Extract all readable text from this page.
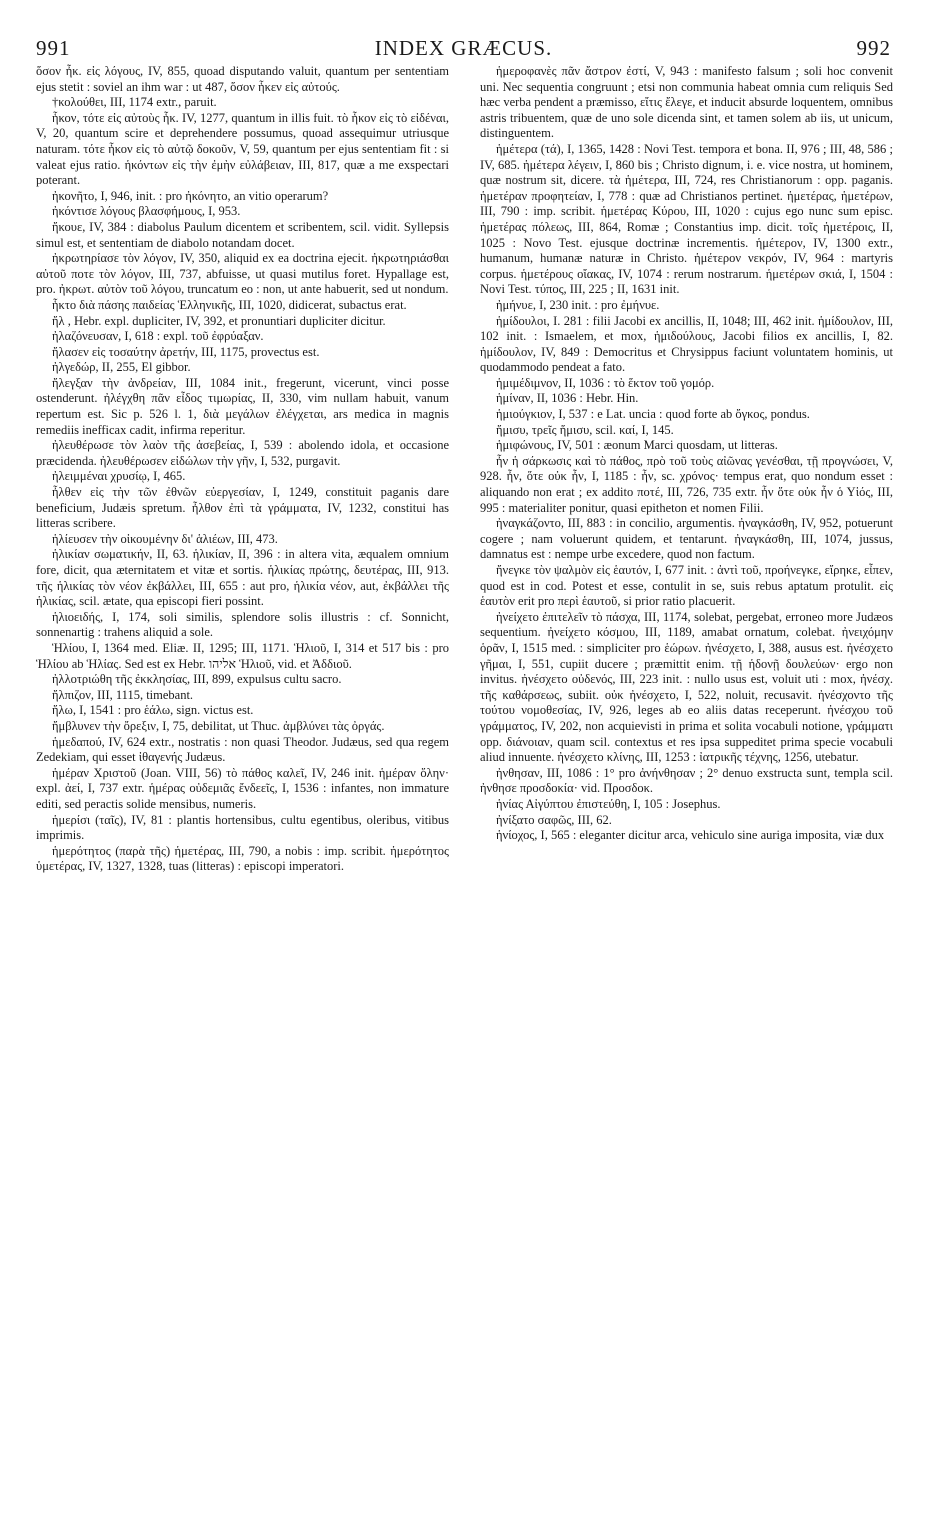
991	INDEX GRÆCUS.	992

ὅσον ἦκ. εἰς λόγους, IV, 855, quoad disputando valuit, quantum per sententiam ejus stetit : soviel an ihm war : ut 487, ὅσον ἧκεν εἰς αὐτούς.

†κολούθει, III, 1174 extr., paruit.

ἧκον, τότε εἰς αὐτοὺς ἧκ. IV, 1277, quantum in illis fuit. τὸ ἧκον εἰς τὸ εἰδέναι, V, 20, quantum scire et deprehendere possumus, quoad assequimur utriusque naturam. τότε ἧκον εἰς τὸ αὐτῷ δοκοῦν, V, 59, quantum per ejus sententiam fit : si valeat ejus ratio. ἡκόντων εἰς τὴν ἐμὴν εὐλάβειαν, III, 817, quæ a me exspectari poterant.

ἠκονῆτο, I, 946, init. : pro ἠκόνητο, an vitio operarum?

ἠκόντισε λόγους βλασφήμους, I, 953.

ἤκουε, IV, 384 : diabolus Paulum dicentem et scribentem, scil. vidit. Syllepsis simul est, et sententiam de diabolo notandam docet.

ἠκρωτηρίασε τὸν λόγον, IV, 350, aliquid ex ea doctrina ejecit. ἠκρωτηριάσθαι αὐτοῦ ποτε τὸν λόγον, III, 737, abfuisse, ut quasi mutilus foret. Hypallage est, pro. ἠκρωτ. αὐτὸν τοῦ λόγου, truncatum eo : non, ut ante habuerit, sed ut nondum.

ἧκτο διὰ πάσης παιδείας Ἑλληνικῆς, III, 1020, didicerat, subactus erat.

ἤλ , Hebr. expl. dupliciter, IV, 392, et pronuntiari dupliciter dicitur.

ἠλαζόνευσαν, I, 618 : expl. τοῦ ἐφρύαξαν.

ἤλασεν εἰς τοσαύτην ἀρετήν, III, 1175, provectus est.

ἠλγεδώρ, II, 255, El gibbor.

ἤλεγξαν τὴν ἀνδρείαν, III, 1084 init., fregerunt, vicerunt, vinci posse ostenderunt. ἠλέγχθη πᾶν εἶδος τιμωρίας, II, 330, vim nullam habuit, vanum repertum est. Sic p. 526 l. 1, διὰ μεγάλων ἐλέγχεται, ars medica in magnis remediis inefficax cadit, infirma reperitur.

ἠλευθέρωσε τὸν λαὸν τῆς ἀσεβείας, I, 539 : abolendo idola, et occasione præcidenda. ἠλευθέρωσεν εἰδώλων τὴν γῆν, I, 532, purgavit.

ἠλειμμέναι χρυσίῳ, I, 465.

ἦλθεν εἰς τὴν τῶν ἐθνῶν εὐεργεσίαν, I, 1249, constituit paganis dare beneficium, Judæis spretum. ἦλθον ἐπὶ τὰ γράμματα, IV, 1232, constitui has litteras scribere.

ἡλίευσεν τὴν οἰκουμένην δι' ἁλιέων, III, 473.

ἡλικίαν σωματικήν, II, 63. ἡλικίαν, II, 396 : in altera vita, æqualem omnium fore, dicit, qua æternitatem et vitæ et sortis. ἡλικίας πρώτης, δευτέρας, III, 913. τῆς ἡλικίας τὸν νέον ἐκβάλλει, III, 655 : aut pro, ἡλικία νέον, aut, ἐκβάλλει τῆς ἡλικίας, scil. ætate, qua episcopi fieri possint.

ἡλιοειδής, I, 174, soli similis, splendore solis illustris : cf. Sonnicht, sonnenartig : trahens aliquid a sole.

Ἡλίου, I, 1364 med. Eliæ. II, 1295; III, 1171. Ἡλιοῦ, I, 314 et 517 bis : pro Ἡλίου ab Ἡλίας. Sed est ex Hebr. אליהו Ἡλιοῦ, vid. et Ἀδδιοῦ.

ἠλλοτριώθη τῆς ἐκκλησίας, III, 899, expulsus cultu sacro.

ἤλπιζον, III, 1115, timebant.

ἥλω, I, 1541 : pro ἑάλω, sign. victus est.

ἤμβλυνεν τὴν ὄρεξιν, I, 75, debilitat, ut Thuc. ἀμβλύνει τὰς ὀργάς.

ἡμεδαπού, IV, 624 extr., nostratis : non quasi Theodor. Judæus, sed qua regem Zedekiam, qui esset ἰθαγενής Judæus.

ἡμέραν Χριστοῦ (Joan. VIII, 56) τὸ πάθος καλεῖ, IV, 246 init. ἡμέραν ὅλην· expl. ἀεί, I, 737 extr. ἡμέρας οὐδεμιᾶς ἔνδεεῖς, I, 1536 : infantes, non immature editi, sed peractis solide mensibus, numeris.

ἡμερίσι (ταῖς), IV, 81 : plantis hortensibus, cultu egentibus, oleribus, vitibus imprimis.

ἡμερότητος (παρὰ τῆς) ἡμετέρας, III, 790, a nobis : imp. scribit. ἡμερότητος ὑμετέρας, IV, 1327, 1328, tuas (litteras) : episcopi imperatori.

ἡμεροφανὲς πᾶν ἄστρον ἐστί, V, 943 : manifesto falsum ; soli hoc convenit uni. Nec sequentia congruunt ; etsi non communia habeat omnia cum reliquis Sed hæc verba pendent a præmisso, εἴτις ἔλεγε, et inducit absurde loquentem, omnibus astris tribuentem, quæ de uno sole dicenda sint, et tamen solem ab iis, ut unicum, distinguentem.

ἡμέτερα (τά), I, 1365, 1428 : Novi Test. tempora et bona. II, 976 ; III, 48, 586 ; IV, 685. ἡμέτερα λέγειν, I, 860 bis ; Christo dignum, i. e. vice nostra, ut hominem, quæ nostrum sit, dicere. τὰ ἡμέτερα, III, 724, res Christianorum : opp. paganis. ἡμετέραν προφητείαν, I, 778 : quæ ad Christianos pertinet. ἡμετέρας, ἡμετέρων, III, 790 : imp. scribit. ἡμετέρας Κύρου, III, 1020 : cujus ego nunc sum episc. ἡμετέρας πόλεως, III, 864, Romæ ; Constantius imp. dicit. τοῖς ἡμετέροις, II, 1025 : Novo Test. ejusque doctrinæ incrementis. ἡμέτερον, IV, 1300 extr., humanum, humanæ naturæ in Christo. ἡμέτερον νεκρόν, IV, 964 : martyris corpus. ἡμετέρους οἴακας, IV, 1074 : rerum nostrarum. ἡμετέρων σκιά, I, 1504 : Novi Test. τύπος, III, 225 ; II, 1631 init.

ἠμήνυε, I, 230 init. : pro ἐμήνυε.

ἡμίδουλοι, I. 281 : filii Jacobi ex ancillis, II, 1048; III, 462 init. ἡμίδουλον, III, 102 init. : Ismaelem, et mox, ἡμιδούλους, Jacobi filios ex ancillis, I, 82. ἡμίδουλον, IV, 849 : Democritus et Chrysippus faciunt voluntatem hominis, ut quodammodo pendeat a fato.

ἡμιμέδιμνον, II, 1036 : τὸ ἕκτον τοῦ γομόρ.

ἡμίναν, II, 1036 : Hebr. Hin.

ἡμιούγκιον, I, 537 : e Lat. uncia : quod forte ab ὄγκος, pondus.

ἥμισυ, τρεῖς ἥμισυ, scil. καί, I, 145.

ἡμιφώνους, IV, 501 : æonum Marci quosdam, ut litteras.

ἦν ἡ σάρκωσις καὶ τὸ πάθος, πρὸ τοῦ τοὺς αἰῶνας γενέσθαι, τῇ προγνώσει, V, 928. ἦν, ὅτε οὐκ ἦν, I, 1185 : ἦν, sc. χρόνος· tempus erat, quo nondum esset : aliquando non erat ; ex addito ποτέ, III, 726, 735 extr. ἦν ὅτε οὐκ ἦν ὁ Υἱός, III, 995 : materialiter ponitur, quasi epitheton et nomen Filii.

ἠναγκάζοντο, III, 883 : in concilio, argumentis. ἠναγκάσθη, IV, 952, potuerunt cogere ; nam voluerunt quidem, et tentarunt. ἠναγκάσθη, III, 1074, jussus, damnatus est : nempe urbe excedere, quod non factum.

ἤνεγκε τὸν ψαλμὸν εἰς ἑαυτόν, I, 677 init. : ἀντὶ τοῦ, προήνεγκε, εἴρηκε, εἶπεν, quod est in cod. Potest et esse, contulit in se, suis rebus aptatum protulit. εἰς ἑαυτὸν erit pro περὶ ἑαυτοῦ, si prior ratio placuerit.

ἠνείχετο ἐπιτελεῖν τὸ πάσχα, III, 1174, solebat, pergebat, erroneo more Judæos sequentium. ἠνείχετο κόσμου, III, 1189, amabat ornatum, colebat. ἠνειχόμην ὁρᾶν, I, 1515 med. : simpliciter pro ἑώρων. ἠνέσχετο, I, 388, ausus est. ἠνέσχετο γῆμαι, I, 551, cupiit ducere ; præmittit enim. τῇ ἡδονῇ δουλεύων· ergo non invitus. ἠνέσχετο οὐδενός, III, 223 init. : nullo usus est, voluit uti : mox, ἠνέσχ. τῆς καθάρσεως, subiit. οὐκ ἠνέσχετο, I, 522, noluit, recusavit. ἠνέσχοντο τῆς τούτου νομοθεσίας, IV, 926, leges ab eo aliis datas receperunt. ἠνέσχου τοῦ γράμματος, IV, 202, non acquievisti in prima et solita vocabuli notione, γράμματι opp. διάνοιαν, quam scil. contextus et res ipsa suppeditet prima specie vocabuli aliud innuente. ἠνέσχετο κλίνης, III, 1253 : ἰατρικῆς τέχνης, 1256, utebatur.

ἠνθησαν, III, 1086 : 1° pro ἀνήνθησαν ; 2° denuo exstructa sunt, templa scil. ἠνθησε προσδοκία· vid. Προσδοκ.

ἡνίας Αἰγύπτου ἐπιστεύθη, I, 105 : Josephus.

ἠνίξατο σαφῶς, III, 62.

ἡνίοχος, I, 565 : eleganter dicitur arca, vehiculo sine auriga imposita, viæ dux
